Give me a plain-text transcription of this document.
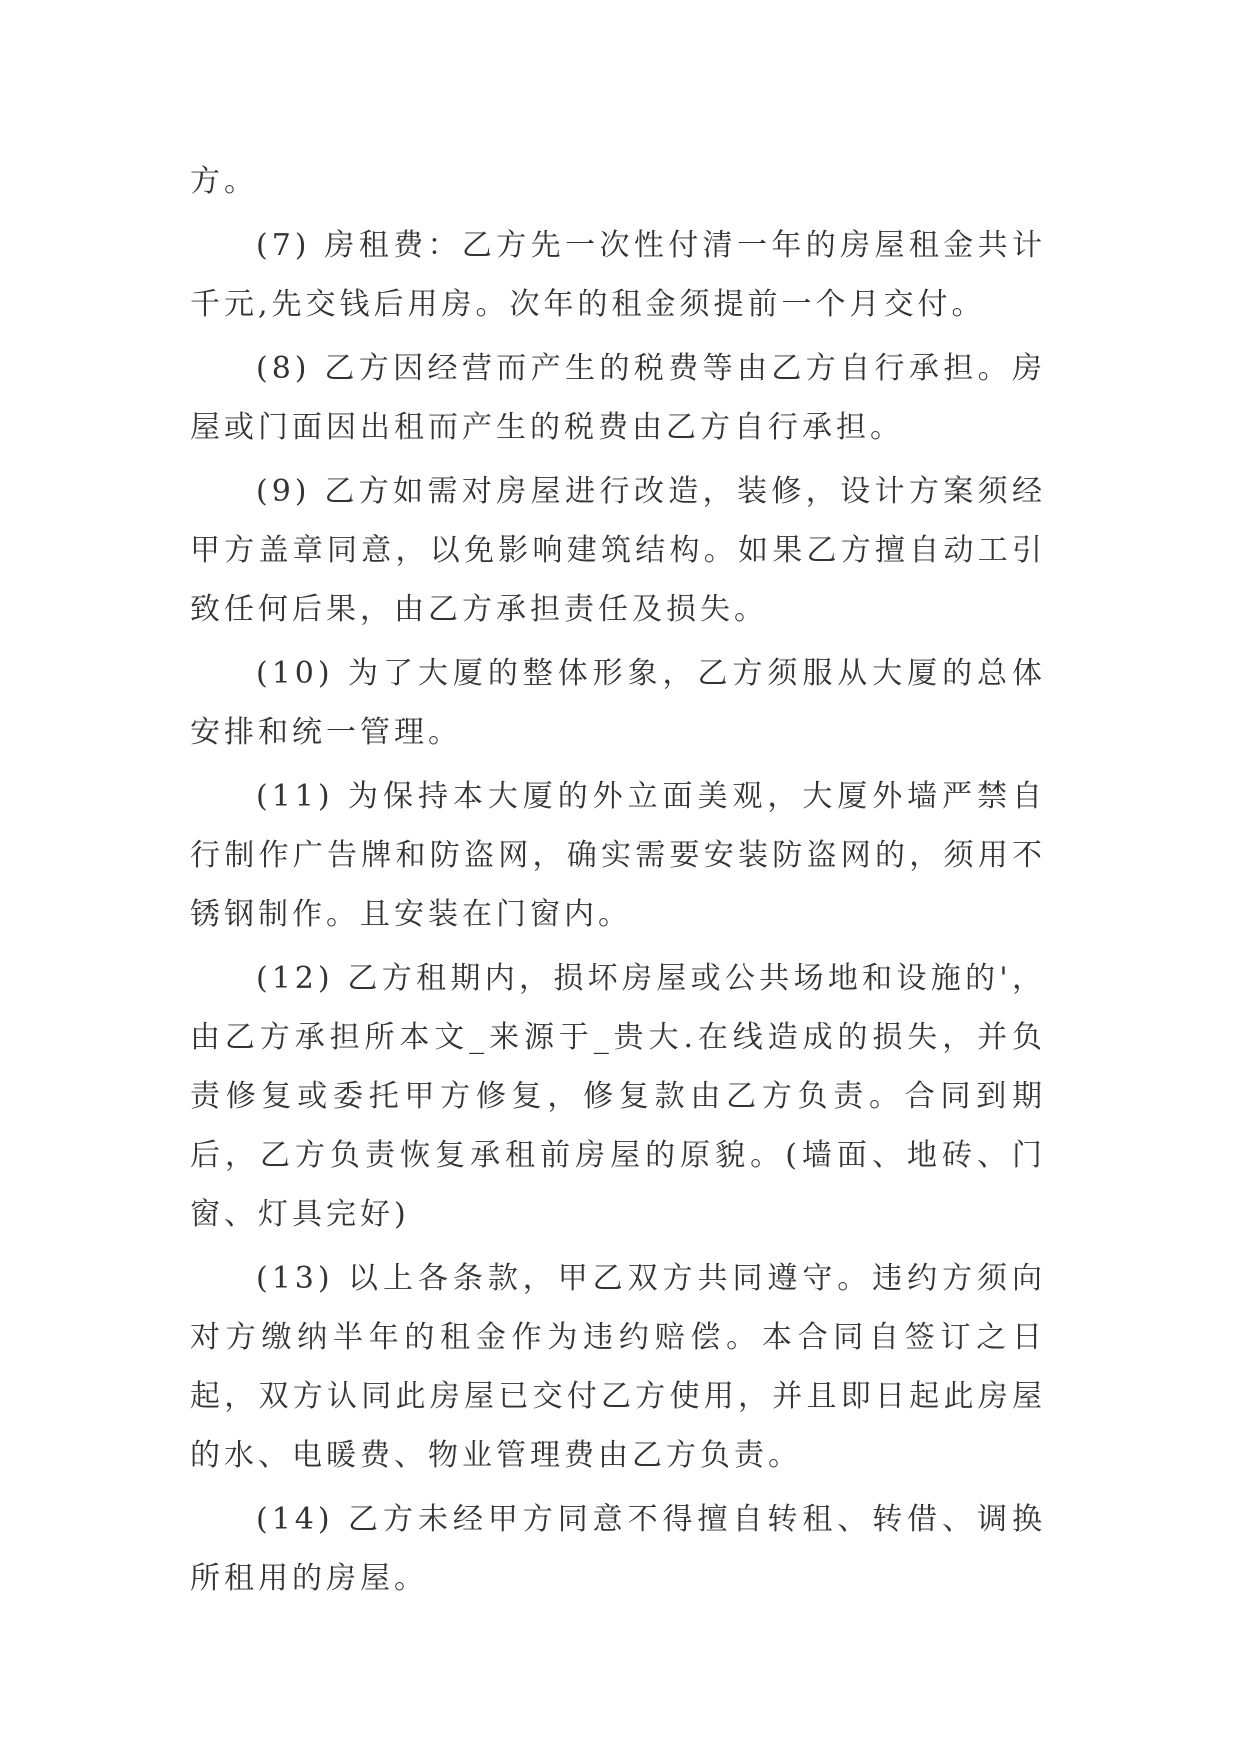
方。

(7) 房租费：乙方先一次性付清一年的房屋租金共计千元,先交钱后用房。次年的租金须提前一个月交付。

(8) 乙方因经营而产生的税费等由乙方自行承担。房屋或门面因出租而产生的税费由乙方自行承担。

(9) 乙方如需对房屋进行改造，装修，设计方案须经甲方盖章同意，以免影响建筑结构。如果乙方擅自动工引致任何后果，由乙方承担责任及损失。

(10) 为了大厦的整体形象，乙方须服从大厦的总体安排和统一管理。

(11) 为保持本大厦的外立面美观，大厦外墙严禁自行制作广告牌和防盗网，确实需要安装防盗网的，须用不锈钢制作。且安装在门窗内。

(12) 乙方租期内，损坏房屋或公共场地和设施的'，由乙方承担所本文_来源于_贵大.在线造成的损失，并负责修复或委托甲方修复，修复款由乙方负责。合同到期后，乙方负责恢复承租前房屋的原貌。(墙面、地砖、门窗、灯具完好)

(13) 以上各条款，甲乙双方共同遵守。违约方须向对方缴纳半年的租金作为违约赔偿。本合同自签订之日起，双方认同此房屋已交付乙方使用，并且即日起此房屋的水、电暖费、物业管理费由乙方负责。

(14) 乙方未经甲方同意不得擅自转租、转借、调换所租用的房屋。
